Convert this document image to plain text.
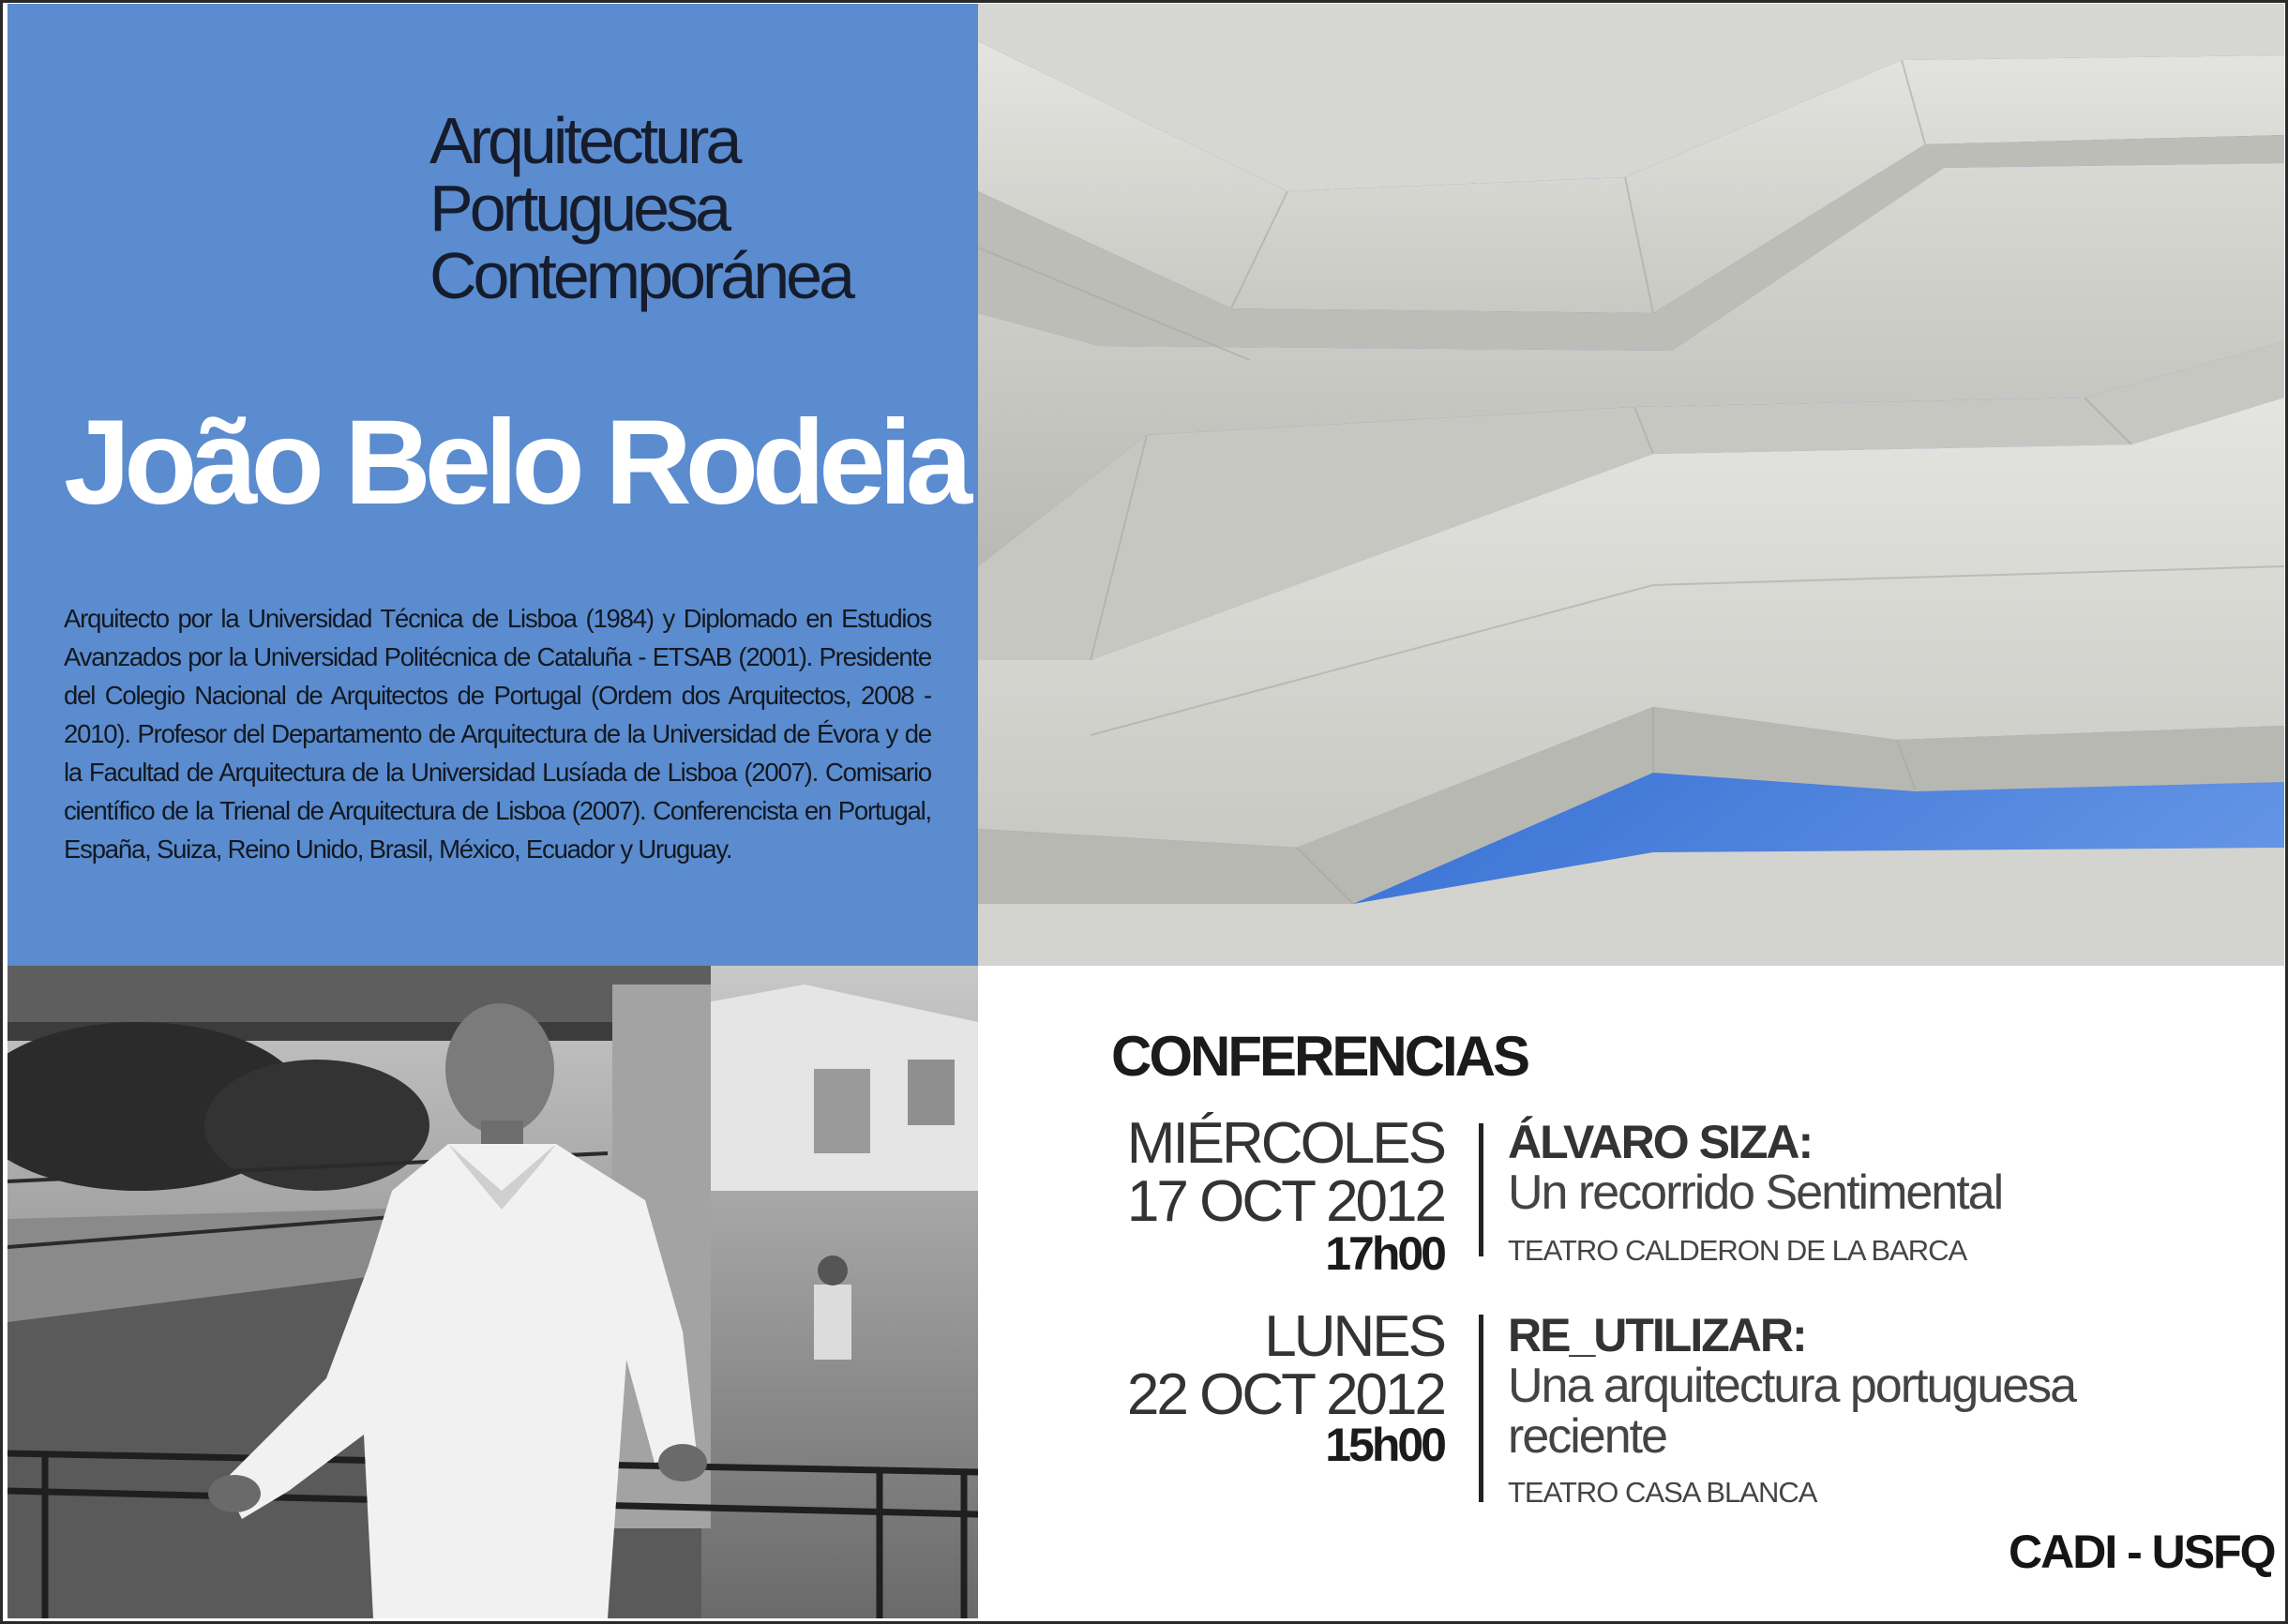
Arquitectura
Portuguesa
Contemporánea
João Belo Rodeia

Arquitecto por la Universidad Técnica de Lisboa (1984) y Diplomado en Estudios Avanzados por la Universidad Politécnica de Cataluña - ETSAB (2001). Presidente del Colegio Nacional de Arquitectos de Portugal (Ordem dos Arquitectos, 2008 - 2010). Profesor del Departamento de Arquitectura de la Universidad de Évora y de la Facultad de Arquitectura de la Universidad Lusíada de Lisboa (2007). Comisario científico de la Trienal de Arquitectura de Lisboa (2007). Conferencista en Portugal, España, Suiza, Reino Unido, Brasil, México, Ecuador y Uruguay.

CONFERENCIAS
MIÉRCOLES
17 OCT 2012
17h00
ÁLVARO SIZA:
Un recorrido Sentimental
TEATRO CALDERON DE LA BARCA
LUNES
22 OCT 2012
15h00
RE_UTILIZAR:
Una arquitectura portuguesa
reciente
TEATRO CASA BLANCA

CADI - USFQ
